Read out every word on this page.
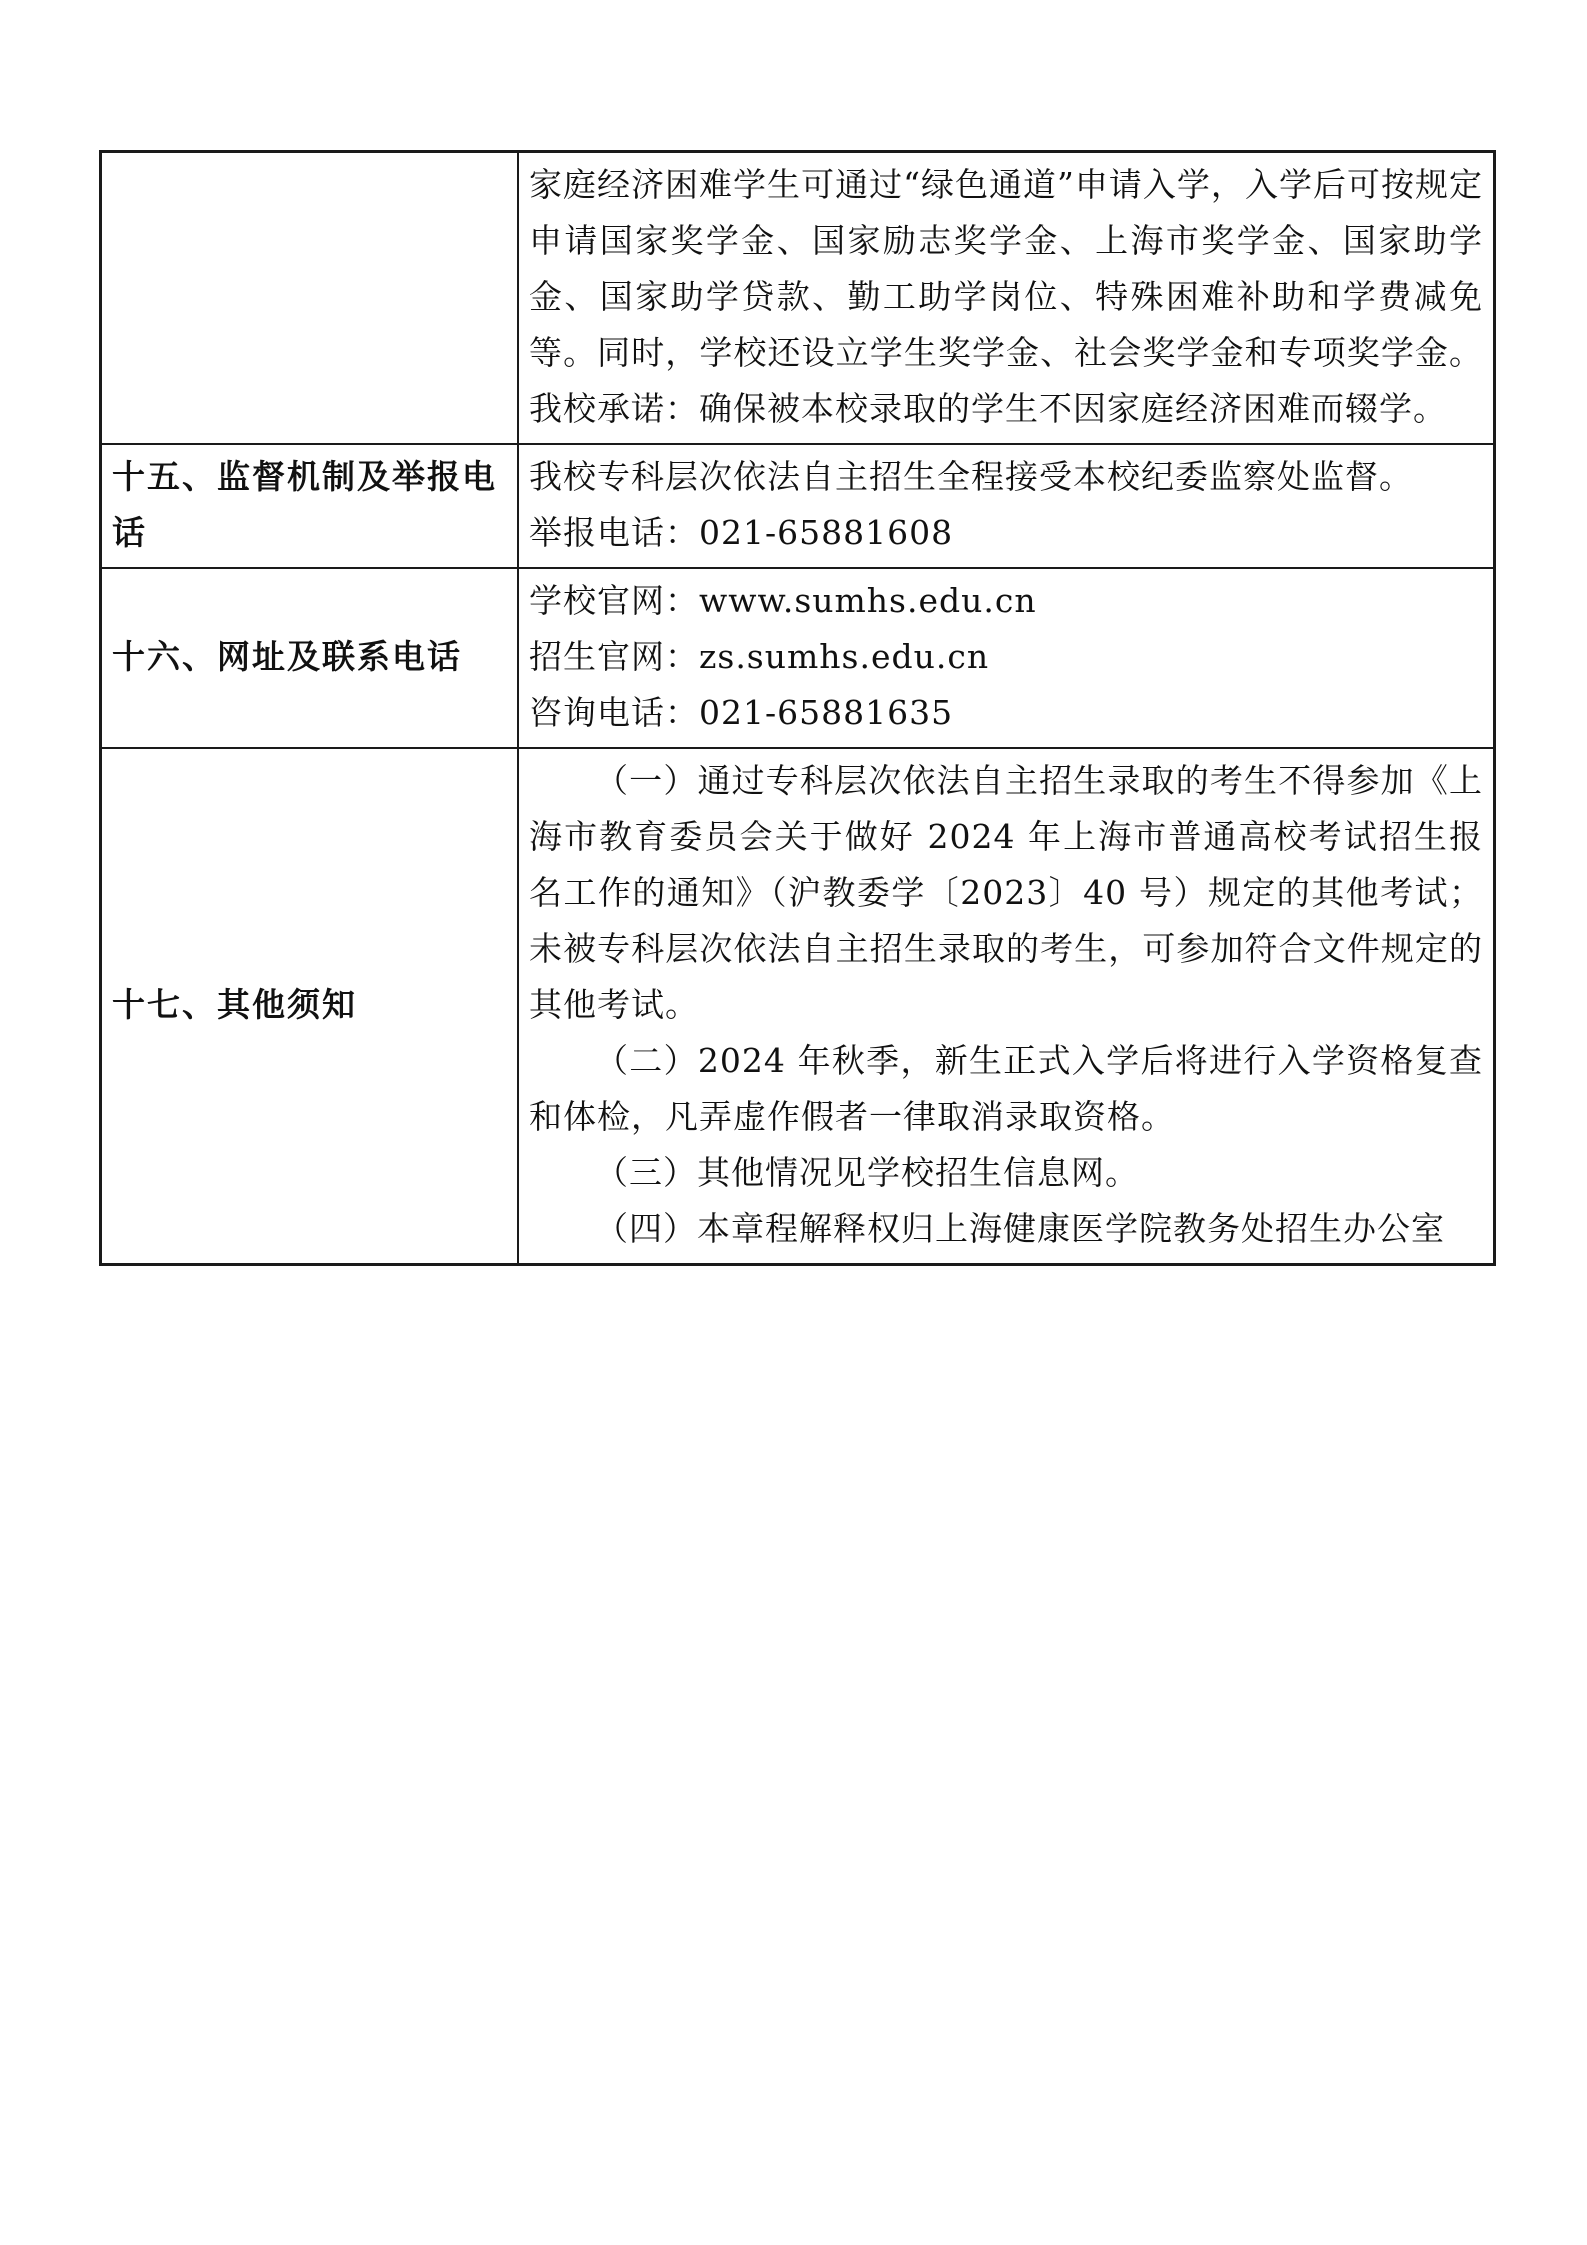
	家庭经济困难学生可通过“绿色通道”申请入学，入学后可按规定申请国家奖学金、国家励志奖学金、上海市奖学金、国家助学金、国家助学贷款、勤工助学岗位、特殊困难补助和学费减免等。同时，学校还设立学生奖学金、社会奖学金和专项奖学金。我校承诺：确保被本校录取的学生不因家庭经济困难而辍学。

十五、监督机制及举报电话	我校专科层次依法自主招生全程接受本校纪委监察处监督。
举报电话：021-65881608

十六、网址及联系电话	学校官网：www.sumhs.edu.cn
招生官网：zs.sumhs.edu.cn
咨询电话：021-65881635

十七、其他须知	（一）通过专科层次依法自主招生录取的考生不得参加《上海市教育委员会关于做好 2024 年上海市普通高校考试招生报名工作的通知》（沪教委学〔2023〕40 号）规定的其他考试；未被专科层次依法自主招生录取的考生，可参加符合文件规定的其他考试。

（二）2024 年秋季，新生正式入学后将进行入学资格复查和体检，凡弄虚作假者一律取消录取资格。

（三）其他情况见学校招生信息网。

（四）本章程解释权归上海健康医学院教务处招生办公室
